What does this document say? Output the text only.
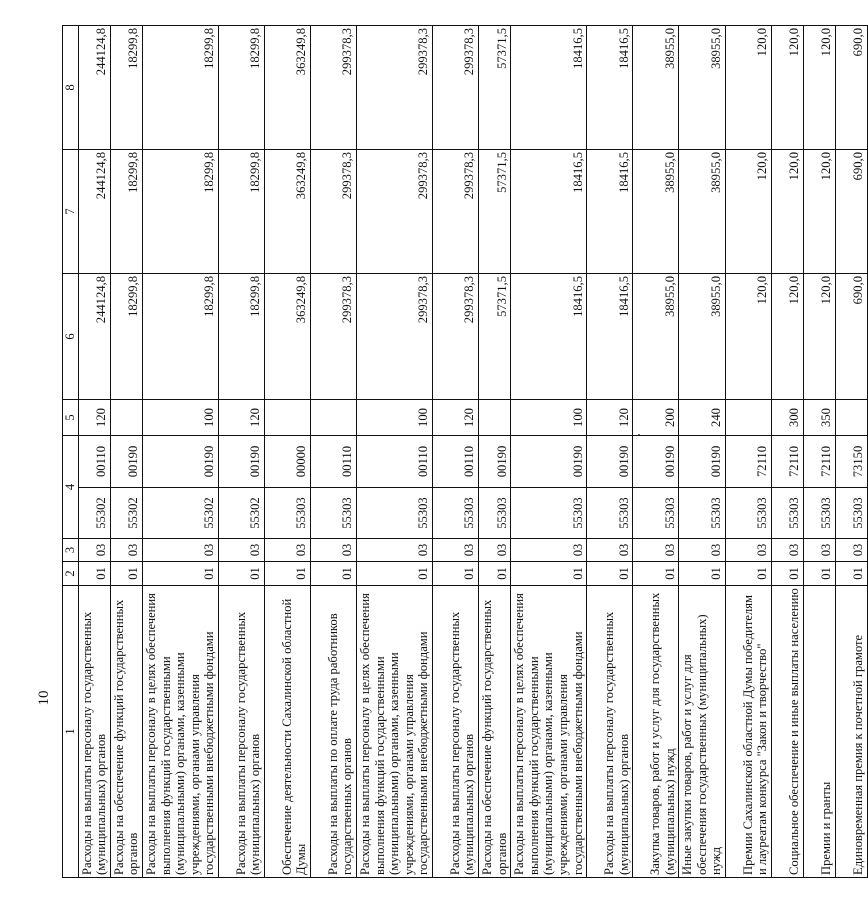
10
1	2	3	4		5	6	7	8
Расходы на выплаты персоналу государственных (муниципальных) органов	01	03	55302	00110	120	244124,8	244124,8	244124,8
Расходы на обеспечение функций государственных органов	01	03	55302	00190		18299,8	18299,8	18299,8
Расходы на выплаты персоналу в целях обеспечения выполнения функций государственными (муниципальными) органами, казенными учреждениями, органами управления государственными внебюджетными фондами	01	03	55302	00190	100	18299,8	18299,8	18299,8
Расходы на выплаты персоналу государственных (муниципальных) органов	01	03	55302	00190	120	18299,8	18299,8	18299,8
Обеспечение деятельности Сахалинской областной Думы	01	03	55303	00000		363249,8	363249,8	363249,8
Расходы на выплаты по оплате труда работников государственных органов	01	03	55303	00110		299378,3	299378,3	299378,3
Расходы на выплаты персоналу в целях обеспечения выполнения функций государственными (муниципальными) органами, казенными учреждениями, органами управления государственными внебюджетными фондами	01	03	55303	00110	100	299378,3	299378,3	299378,3
Расходы на выплаты персоналу государственных (муниципальных) органов	01	03	55303	00110	120	299378,3	299378,3	299378,3
Расходы на обеспечение функций государственных органов	01	03	55303	00190		57371,5	57371,5	57371,5
Расходы на выплаты персоналу в целях обеспечения выполнения функций государственными (муниципальными) органами, казенными учреждениями, органами управления государственными внебюджетными фондами	01	03	55303	00190	100	18416,5	18416,5	18416,5
Расходы на выплаты персоналу государственных (муниципальных) органов	01	03	55303	00190	120	18416,5	18416,5	18416,5
Закупка товаров, работ и услуг для государственных (муниципальных) нужд	01	03	55303	00190	200	38955,0	38955,0	38955,0
Иные закупки товаров, работ и услуг для обеспечения государственных (муниципальных) нужд	01	03	55303	00190	240	38955,0	38955,0	38955,0
Премии Сахалинской областной Думы победителям и лауреатам конкурса "Закон и творчество"	01	03	55303	72110		120,0	120,0	120,0
Социальное обеспечение и иные выплаты населению	01	03	55303	72110	300	120,0	120,0	120,0
Премии и гранты	01	03	55303	72110	350	120,0	120,0	120,0
Единовременная премия к почетной грамоте	01	03	55303	73150		690,0	690,0	690,0
